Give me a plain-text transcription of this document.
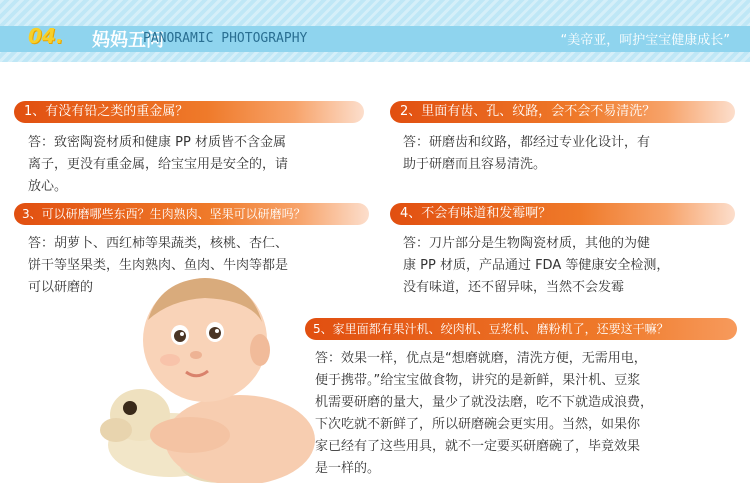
04. 妈妈五问
PANORAMIC PHOTOGRAPHY	“美帝亚，呵护宝宝健康成长”
1、有没有铅之类的重金属？
答：致密陶瓷材质和健康 PP 材质皆不含金属
离子，更没有重金属，给宝宝用是安全的，请
放心。
2、里面有齿、孔、纹路，会不会不易清洗？
答：研磨齿和纹路，都经过专业化设计，有
助于研磨而且容易清洗。
3、可以研磨哪些东西？生肉熟肉、坚果可以研磨吗？
答：胡萝卜、西红柿等果蔬类，核桃、杏仁、
饼干等坚果类，生肉熟肉、鱼肉、牛肉等都是
可以研磨的
4、不会有味道和发霉啊？
答：刀片部分是生物陶瓷材质，其他的为健
康 PP 材质，产品通过 FDA 等健康安全检测，
没有味道，还不留异味，当然不会发霉
5、家里面都有果汁机、绞肉机、豆浆机、磨粉机了，还要这干嘛？
答：效果一样，优点是“想磨就磨，清洗方便，无需用电，
便于携带。”给宝宝做食物，讲究的是新鲜，果汁机、豆浆
机需要研磨的量大，量少了就没法磨，吃不下就造成浪费，
下次吃就不新鲜了，所以研磨碗会更实用。当然，如果你
家已经有了这些用具，就不一定要买研磨碗了，毕竟效果
是一样的。
